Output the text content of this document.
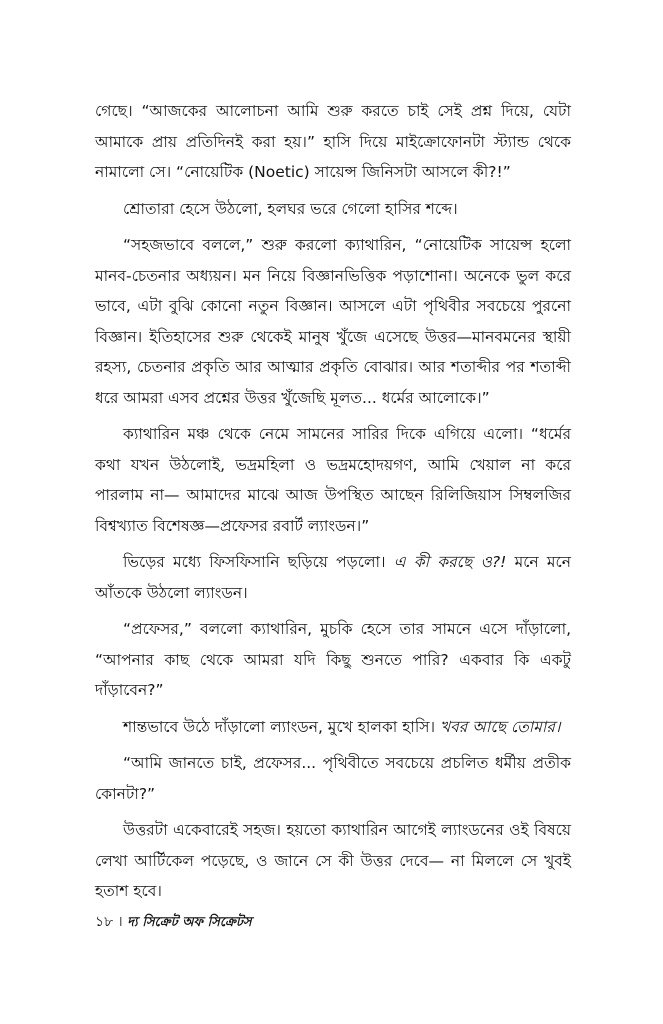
গেছে। “আজকের আলোচনা আমি শুরু করতে চাই সেই প্রশ্ন দিয়ে, যেটা আমাকে প্রায় প্রতিদিনই করা হয়।” হাসি দিয়ে মাইক্রোফোনটা স্ট্যান্ড থেকে নামালো সে। “নোয়েটিক (Noetic) সায়েন্স জিনিসটা আসলে কী?!”

শ্রোতারা হেসে উঠলো, হলঘর ভরে গেলো হাসির শব্দে।

“সহজভাবে বললে,” শুরু করলো ক্যাথারিন, “নোয়েটিক সায়েন্স হলো মানব-চেতনার অধ্যয়ন। মন নিয়ে বিজ্ঞানভিত্তিক পড়াশোনা। অনেকে ভুল করে ভাবে, এটা বুঝি কোনো নতুন বিজ্ঞান। আসলে এটা পৃথিবীর সবচেয়ে পুরনো বিজ্ঞান। ইতিহাসের শুরু থেকেই মানুষ খুঁজে এসেছে উত্তর—মানবমনের স্থায়ী রহস্য, চেতনার প্রকৃতি আর আত্মার প্রকৃতি বোঝার। আর শতাব্দীর পর শতাব্দী ধরে আমরা এসব প্রশ্নের উত্তর খুঁজেছি মূলত... ধর্মের আলোকে।”

ক্যাথারিন মঞ্চ থেকে নেমে সামনের সারির দিকে এগিয়ে এলো। “ধর্মের কথা যখন উঠলোই, ভদ্রমহিলা ও ভদ্রমহোদয়গণ, আমি খেয়াল না করে পারলাম না— আমাদের মাঝে আজ উপস্থিত আছেন রিলিজিয়াস সিম্বলজির বিশ্বখ্যাত বিশেষজ্ঞ—প্রফেসর রবার্ট ল্যাংডন।”

ভিড়ের মধ্যে ফিসফিসানি ছড়িয়ে পড়লো। এ কী করছে ও?! মনে মনে আঁতকে উঠলো ল্যাংডন।

“প্রফেসর,” বললো ক্যাথারিন, মুচকি হেসে তার সামনে এসে দাঁড়ালো, “আপনার কাছ থেকে আমরা যদি কিছু শুনতে পারি? একবার কি একটু দাঁড়াবেন?”

শান্তভাবে উঠে দাঁড়ালো ল্যাংডন, মুখে হালকা হাসি। খবর আছে তোমার।

“আমি জানতে চাই, প্রফেসর... পৃথিবীতে সবচেয়ে প্রচলিত ধর্মীয় প্রতীক কোনটা?”

উত্তরটা একেবারেই সহজ। হয়তো ক্যাথারিন আগেই ল্যাংডনের ওই বিষয়ে লেখা আর্টিকেল পড়েছে, ও জানে সে কী উত্তর দেবে— না মিললে সে খুবই হতাশ হবে।

১৮ । দ্য সিক্রেট অফ সিক্রেটস
